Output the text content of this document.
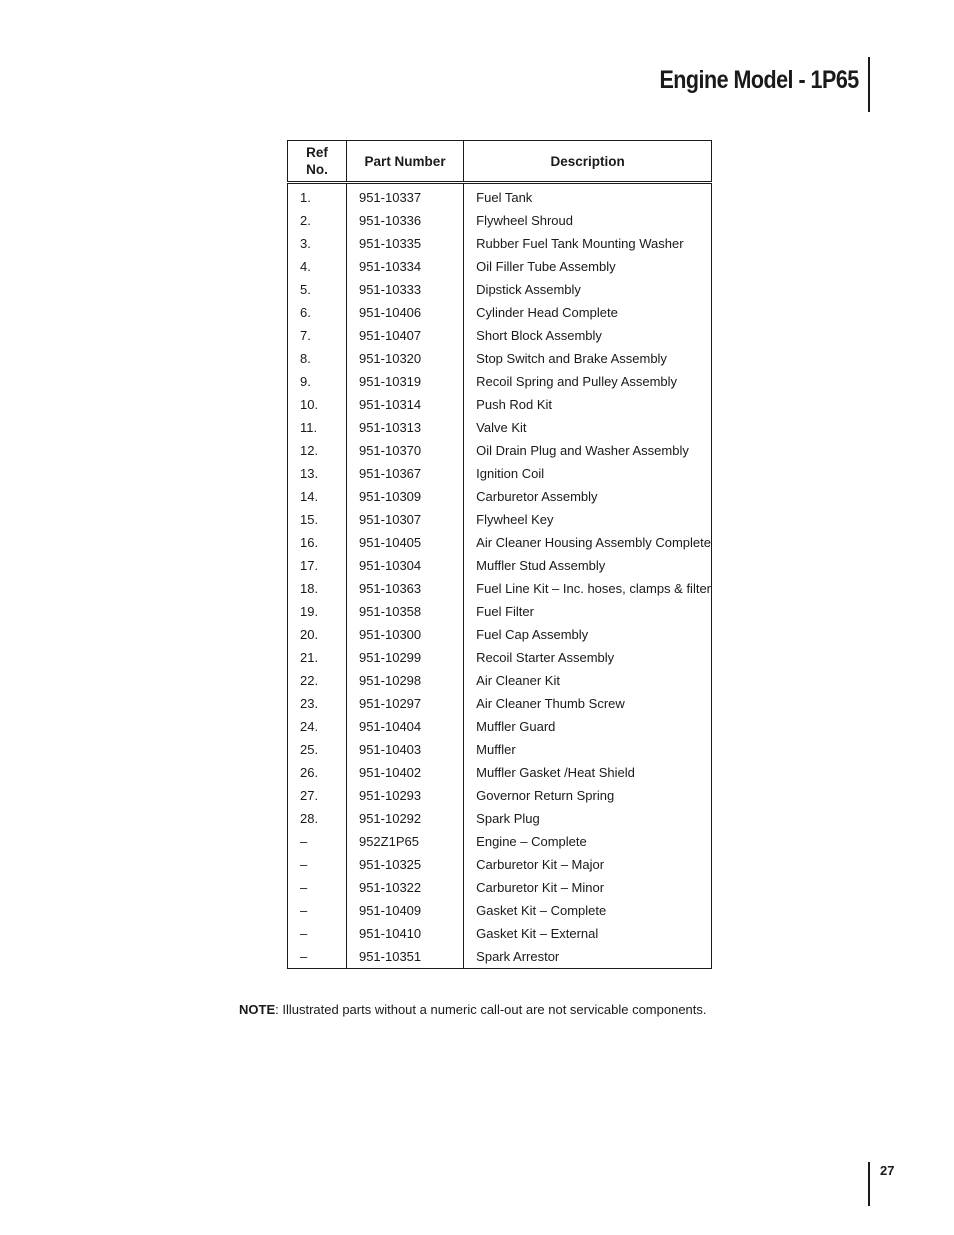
Engine Model - 1P65
Ref No.	Part Number	Description
1.	951-10337	Fuel Tank
2.	951-10336	Flywheel Shroud
3.	951-10335	Rubber Fuel Tank Mounting Washer
4.	951-10334	Oil Filler Tube Assembly
5.	951-10333	Dipstick Assembly
6.	951-10406	Cylinder Head Complete
7.	951-10407	Short Block Assembly
8.	951-10320	Stop Switch and Brake Assembly
9.	951-10319	Recoil Spring and Pulley Assembly
10.	951-10314	Push Rod Kit
11.	951-10313	Valve Kit
12.	951-10370	Oil Drain Plug and Washer Assembly
13.	951-10367	Ignition Coil
14.	951-10309	Carburetor Assembly
15.	951-10307	Flywheel Key
16.	951-10405	Air Cleaner Housing Assembly Complete
17.	951-10304	Muffler Stud Assembly
18.	951-10363	Fuel Line Kit – Inc. hoses, clamps & filter
19.	951-10358	Fuel Filter
20.	951-10300	Fuel Cap Assembly
21.	951-10299	Recoil Starter Assembly
22.	951-10298	Air Cleaner Kit
23.	951-10297	Air Cleaner Thumb Screw
24.	951-10404	Muffler Guard
25.	951-10403	Muffler
26.	951-10402	Muffler Gasket /Heat Shield
27.	951-10293	Governor Return Spring
28.	951-10292	Spark Plug
–	952Z1P65	Engine – Complete
–	951-10325	Carburetor Kit – Major
–	951-10322	Carburetor Kit – Minor
–	951-10409	Gasket Kit – Complete
–	951-10410	Gasket Kit – External
–	951-10351	Spark Arrestor
NOTE: Illustrated parts without a numeric call-out are not servicable components.
27
